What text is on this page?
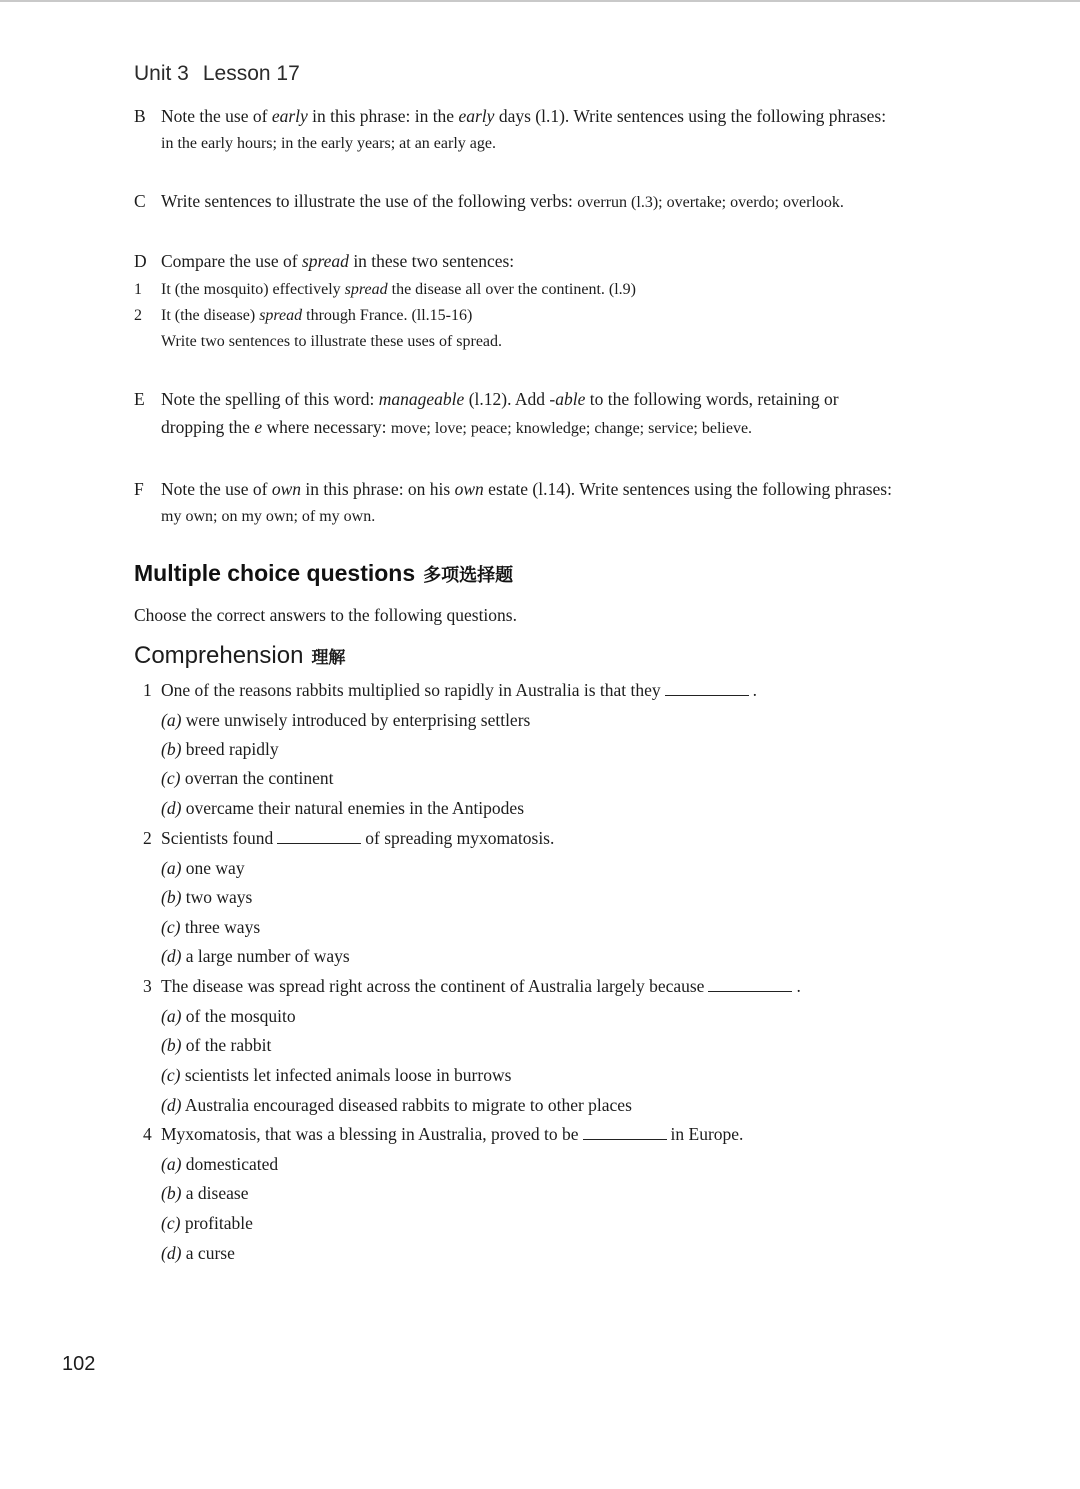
Unit 3 Lesson 17
B Note the use of early in this phrase: in the early days (l.1). Write sentences using the following phrases:
in the early hours; in the early years; at an early age.
C Write sentences to illustrate the use of the following verbs: overrun (l.3); overtake; overdo; overlook.
D Compare the use of spread in these two sentences:
1	It (the mosquito) effectively spread the disease all over the continent. (l.9)
2	It (the disease) spread through France. (ll.15-16)
Write two sentences to illustrate these uses of spread.
E Note the spelling of this word: manageable (l.12). Add -able to the following words, retaining or
dropping the e where necessary: move; love; peace; knowledge; change; service; believe.
F Note the use of own in this phrase: on his own estate (l.14). Write sentences using the following phrases:
my own; on my own; of my own.
Multiple choice questions 多项选择题
Choose the correct answers to the following questions.
Comprehension 理解
1 One of the reasons rabbits multiplied so rapidly in Australia is that they	.
(a) were unwisely introduced by enterprising settlers
(b) breed rapidly
(c) overran the continent
(d) overcame their natural enemies in the Antipodes
2 Scientists found	of spreading myxomatosis.
(a) one way
(b) two ways
(c) three ways
(d) a large number of ways
3 The disease was spread right across the continent of Australia largely because	.
(a) of the mosquito
(b) of the rabbit
(c) scientists let infected animals loose in burrows
(d) Australia encouraged diseased rabbits to migrate to other places
4 Myxomatosis, that was a blessing in Australia, proved to be	in Europe.
(a) domesticated
(b) a disease
(c) profitable
(d) a curse
102
